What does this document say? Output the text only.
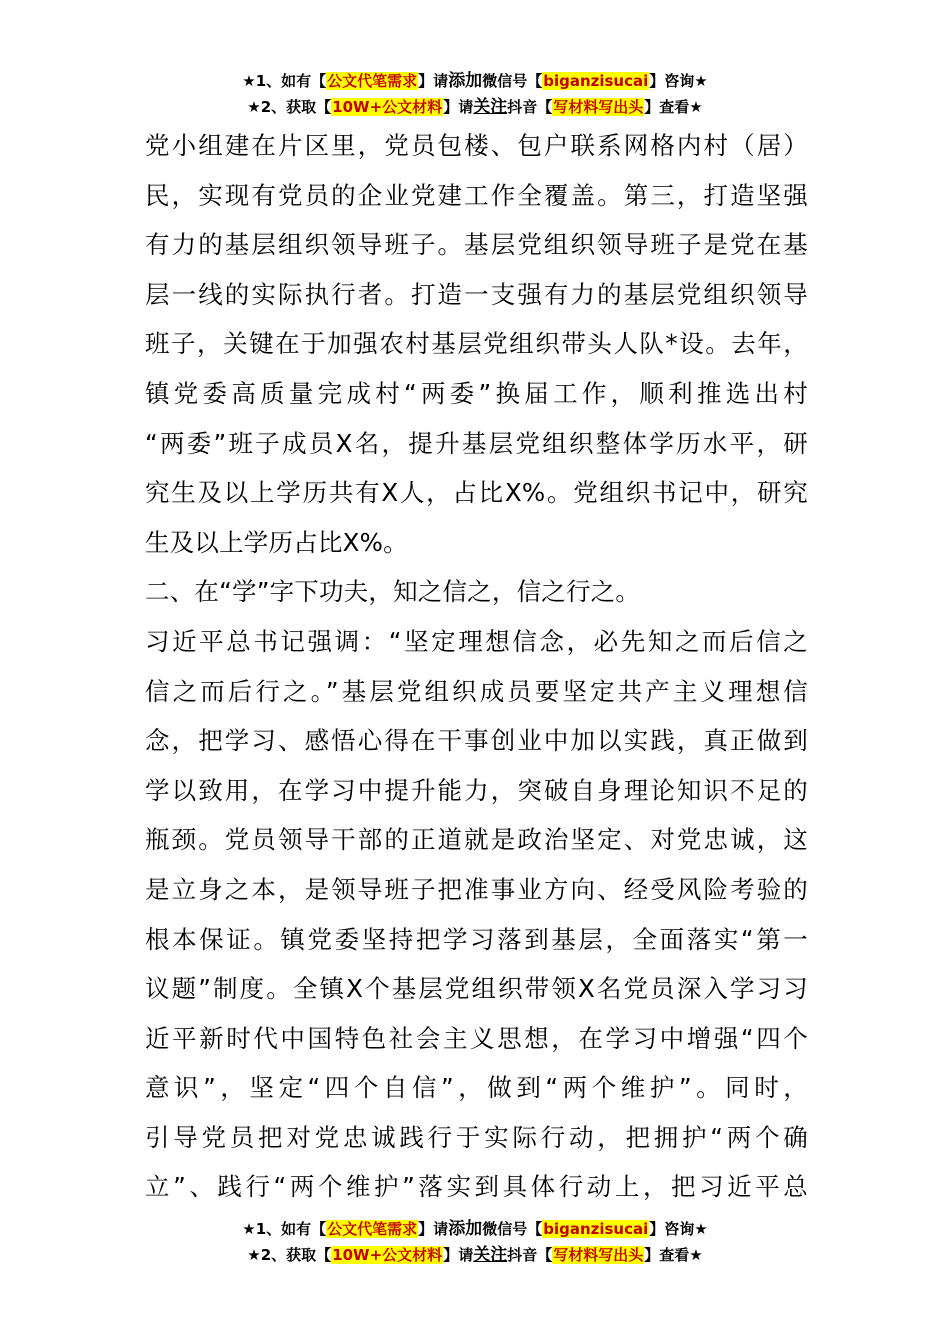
★1、如有【公文代笔需求】请添加微信号【biganzisucai】咨询★
★2、获取【10W+公文材料】请关注抖音【写材料写出头】查看★

党小组建在片区里，党员包楼、包户联系网格内村（居）
民，实现有党员的企业党建工作全覆盖。第三，打造坚强
有力的基层组织领导班子。基层党组织领导班子是党在基
层一线的实际执行者。打造一支强有力的基层党组织领导
班子，关键在于加强农村基层党组织带头人队*设。去年，
镇党委高质量完成村“两委”换届工作，顺利推选出村
“两委”班子成员X名，提升基层党组织整体学历水平，研
究生及以上学历共有X人，占比X%。党组织书记中，研究
生及以上学历占比X%。

二、在“学”字下功夫，知之信之，信之行之。

习近平总书记强调：“坚定理想信念，必先知之而后信之
信之而后行之。”基层党组织成员要坚定共产主义理想信
念，把学习、感悟心得在干事创业中加以实践，真正做到
学以致用，在学习中提升能力，突破自身理论知识不足的
瓶颈。党员领导干部的正道就是政治坚定、对党忠诚，这
是立身之本，是领导班子把准事业方向、经受风险考验的
根本保证。镇党委坚持把学习落到基层，全面落实“第一
议题”制度。全镇X个基层党组织带领X名党员深入学习习
近平新时代中国特色社会主义思想，在学习中增强“四个
意识”，坚定“四个自信”，做到“两个维护”。同时，
引导党员把对党忠诚践行于实际行动，把拥护“两个确
立”、践行“两个维护”落实到具体行动上，把习近平总

★1、如有【公文代笔需求】请添加微信号【biganzisucai】咨询★
★2、获取【10W+公文材料】请关注抖音【写材料写出头】查看★
